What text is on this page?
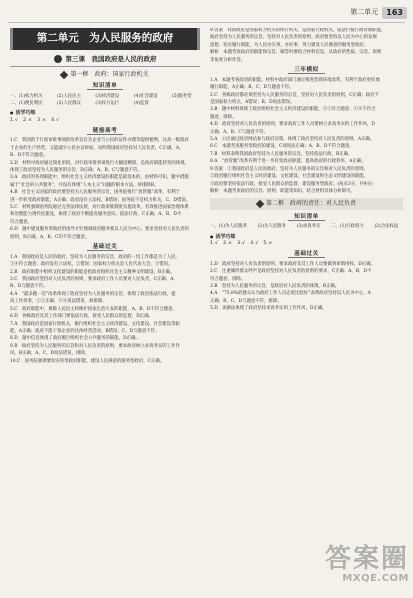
第二单元	163
第二单元　为人民服务的政府
第三课　我国政府是人民的政府
第一框　政府：国家行政机关
知识清单
一、(1)权力机关	(2)人民民主	(3)经济建设	(4)社会建设	(5)服务型
二、(1)便民利民	(2)人民群众	(3)权力运行	(4)监督
● 活学巧练
1.√　2.×　3.×　4.√
链接高考

1.C　我国新于行政审批事项的改革旨在为企业与公民的证件办理等提供便利，这高一级政府

于企业的生产经营，又能减少公民办证时间，说明我国政府坚持对人民负责，C正确，A、

B、D不符合题意。

2.D　材料中政府通过简化审批，对行政审批事项进行大幅度精简，是政府职能转变的体现，

体现了政府坚持为人民服务的宗旨，D正确；A、B、C与题意不符。

3.A　政府的各项职能中，组织社会主义经济建设的职能是最基本的，由材料可知，题中措施

属于“社会的公共服务”，并没有体现“人本主义”问题的根本方法，故排除B。

4.B　社会主义国家的政府要坚持为人民服务的宗旨，国务院推行“放管服”改革，有利于

进一步转变政府职能，A正确；政府没有立法权，B错误；国务院不是权力机关，C、D错误。

5.C　材料强调国务院通过完善法律法规，对行政审批制度实施改革，有效推进国家治理体系

和治理能力现代化建设，体现了政府不断提高服务意识，依法行政，C正确；A、B、D不

符合题意。

6.D　题中建设服务型政府的指导方针强调政府服务要以人民为中心，要求坚持对人民负责的

原则，D正确，A、B、C均不符合题意。

基础过关

1.A　我国政府是人民的政府，坚持为人民服务的宗旨，政府的一切工作都是为了人民，

①④符合题意；政府没有立法权，②错误；国家权力机关是人民代表大会，③错误。

2.B　政府职能中组织文化建设的职能是指政府组织社会主义精神文明建设，B正确。

3.C　我国政府坚持对人民负责的原则，要求政府工作人员要对人民负责，C正确；A、

B、D与题意不符。

4.A　“最多跑一次”改革体现了政府坚持为人民服务的宗旨，体现了政府依法行政，提

高工作效率，①②正确；③④说法错误，故排除。

5.C　政府职能中，保障人民民主和维护国家长治久安的职能，A、B、D不符合题意。

6.D　各级政府及其工作部门要依法行政，接受人民群众的监督，D正确。

7.A　我国政府是国家行政机关，履行组织社会主义经济建设、文化建设、社会建设等职

能，A正确；政府不能干预企业的具体经营活动，B错误；C、D与题意不符。

8.D　题中信息体现了政府履行组织社会公共服务的职能，D正确。

9.B　政府坚持为人民服务的宗旨和对人民负责的原则，要求政府树立求真务实的工作作

风，B正确；A、C、D说法错误，排除。

10.C　国务院强调要切实转变政府职能，建设人民满意的服务型政府，C正确。

9.答案　我国政府是国家权力机关的执行机关，是国家行政机关，依法行使行政管理职能，

政府坚持为人民服务的宗旨，坚持对人民负责的原则。政府要坚持以人民为中心的发展

思想，切实履行职能，为人民办实事、办好事，努力建设人民满意的服务型政府。

解析　本题考查政府的职能和宗旨，解答时要结合材料信息，从政府的性质、宗旨、原则

等角度分析作答。

三年模拟

1.A　本题考查政府的职能。材料中政府部门通过推进营商环境改革，有利于政府更好地

履行职能，A正确；B、C、D与题意不符。

2.C　各级政府都必须坚持为人民服务的宗旨，坚持对人民负责的原则，C正确；政府不

是国家权力机关，A错误；B、D说法错误。

3.B　题中材料体现了政府组织社会主义经济建设的职能，②③符合题意；①④不符合

题意，排除。

4.D　政府坚持对人民负责的原则，要求政府工作人员要树立求真务实的工作作风，D

正确；A、B、C与题意不符。

5.A　公民通过政府网站参与政府决策，体现了政府坚持对人民负责的原则，A正确。

6.C　本题考查服务型政府的建设，C项说法正确；A、B、D不符合题意。

7.B　材料表明我国政府坚持为人民服务的宗旨，坚持依法行政，B正确。

8.A　“放管服”改革有利于进一步转变政府职能，提高政府的行政效率，A正确。

9.答案　①我国政府是人民的政府，坚持为人民服务的宗旨和对人民负责的原则。

②政府履行组织社会主义经济建设、文化建设、社会建设和生态文明建设的职能。

③政府要坚持依法行政，接受人民群众的监督，建设服务型政府。(每点3分，共9分)

解析　本题考查政府的宗旨、原则、职能等知识，结合材料具体分析即可。

第二框　政府的责任：对人民负责
知识清单
一、(1)为人民服务	(2)为人民服务	(3)求真务实	二、(1)行政权力	(2)合法权益
● 活学巧练
1.√　2.×　3.√　4.√　5.×
基础过关

1.D　政府坚持对人民负责的原则，要求政府及其工作人员要做到审慎用权，D正确。

2.C　注重倾听群众呼声是政府坚持对人民负责的原则的要求，C正确；A、B、D不

符合题意，排除。

3.B　坚持为人民服务的宗旨，是政府对人民负责的体现，B正确。

4.A　“75.8%的群众认为政府工作人员态度比较好”表明政府坚持以人民为中心，A

正确；B、C、D与题意不符，排除。

5.D　该做法体现了政府坚持求真务实的工作作风，D正确。

答案圈
MXQE.COM
